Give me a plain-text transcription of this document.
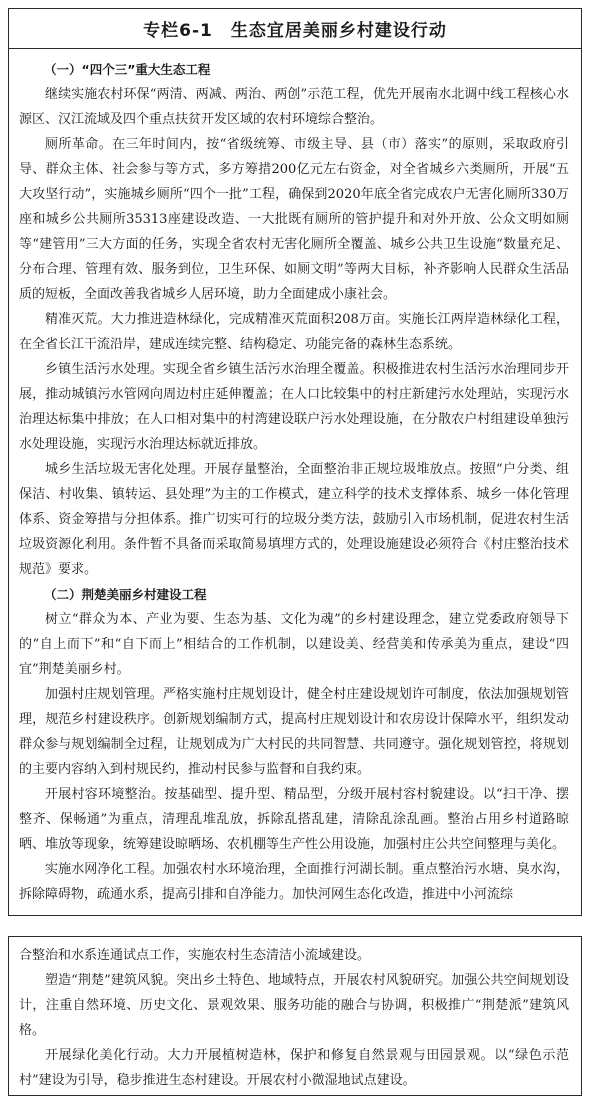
专栏6-1　生态宜居美丽乡村建设行动

（一）“四个三”重大生态工程

继续实施农村环保“两清、两减、两治、两创”示范工程，优先开展南水北调中线工程核心水源区、汉江流域及四个重点扶贫开发区域的农村环境综合整治。

厕所革命。在三年时间内，按“省级统筹、市级主导、县（市）落实”的原则，采取政府引导、群众主体、社会参与等方式，多方筹措200亿元左右资金，对全省城乡六类厕所，开展“五大攻坚行动”，实施城乡厕所“四个一批”工程，确保到2020年底全省完成农户无害化厕所330万座和城乡公共厕所35313座建设改造、一大批既有厕所的管护提升和对外开放、公众文明如厕等“建管用”三大方面的任务，实现全省农村无害化厕所全覆盖、城乡公共卫生设施“数量充足、分布合理、管理有效、服务到位，卫生环保、如厕文明”等两大目标，补齐影响人民群众生活品质的短板，全面改善我省城乡人居环境，助力全面建成小康社会。

精准灭荒。大力推进造林绿化，完成精准灭荒面积208万亩。实施长江两岸造林绿化工程，在全省长江干流沿岸，建成连续完整、结构稳定、功能完备的森林生态系统。

乡镇生活污水处理。实现全省乡镇生活污水治理全覆盖。积极推进农村生活污水治理同步开展，推动城镇污水管网向周边村庄延伸覆盖；在人口比较集中的村庄新建污水处理站，实现污水治理达标集中排放；在人口相对集中的村湾建设联户污水处理设施，在分散农户村组建设单独污水处理设施，实现污水治理达标就近排放。

城乡生活垃圾无害化处理。开展存量整治，全面整治非正规垃圾堆放点。按照“户分类、组保洁、村收集、镇转运、县处理”为主的工作模式，建立科学的技术支撑体系、城乡一体化管理体系、资金筹措与分担体系。推广切实可行的垃圾分类方法，鼓励引入市场机制，促进农村生活垃圾资源化利用。条件暂不具备而采取简易填埋方式的，处理设施建设必须符合《村庄整治技术规范》要求。

（二）荆楚美丽乡村建设工程

树立“群众为本、产业为要、生态为基、文化为魂”的乡村建设理念，建立党委政府领导下的“自上而下”和“自下而上”相结合的工作机制，以建设美、经营美和传承美为重点，建设“四宜”荆楚美丽乡村。

加强村庄规划管理。严格实施村庄规划设计，健全村庄建设规划许可制度，依法加强规划管理，规范乡村建设秩序。创新规划编制方式，提高村庄规划设计和农房设计保障水平，组织发动群众参与规划编制全过程，让规划成为广大村民的共同智慧、共同遵守。强化规划管控，将规划的主要内容纳入到村规民约，推动村民参与监督和自我约束。

开展村容环境整治。按基础型、提升型、精品型，分级开展村容村貌建设。以“扫干净、摆整齐、保畅通”为重点，清理乱堆乱放，拆除乱搭乱建，清除乱涂乱画。整治占用乡村道路晾晒、堆放等现象，统筹建设晾晒场、农机棚等生产性公用设施，加强村庄公共空间整理与美化。

实施水网净化工程。加强农村水环境治理，全面推行河湖长制。重点整治污水塘、臭水沟，拆除障碍物，疏通水系，提高引排和自净能力。加快河网生态化改造，推进中小河流综

合整治和水系连通试点工作，实施农村生态清洁小流域建设。

塑造“荆楚”建筑风貌。突出乡土特色、地域特点，开展农村风貌研究。加强公共空间规划设计，注重自然环境、历史文化、景观效果、服务功能的融合与协调，积极推广“荆楚派”建筑风格。

开展绿化美化行动。大力开展植树造林，保护和修复自然景观与田园景观。以“绿色示范村”建设为引导，稳步推进生态村建设。开展农村小微湿地试点建设。
